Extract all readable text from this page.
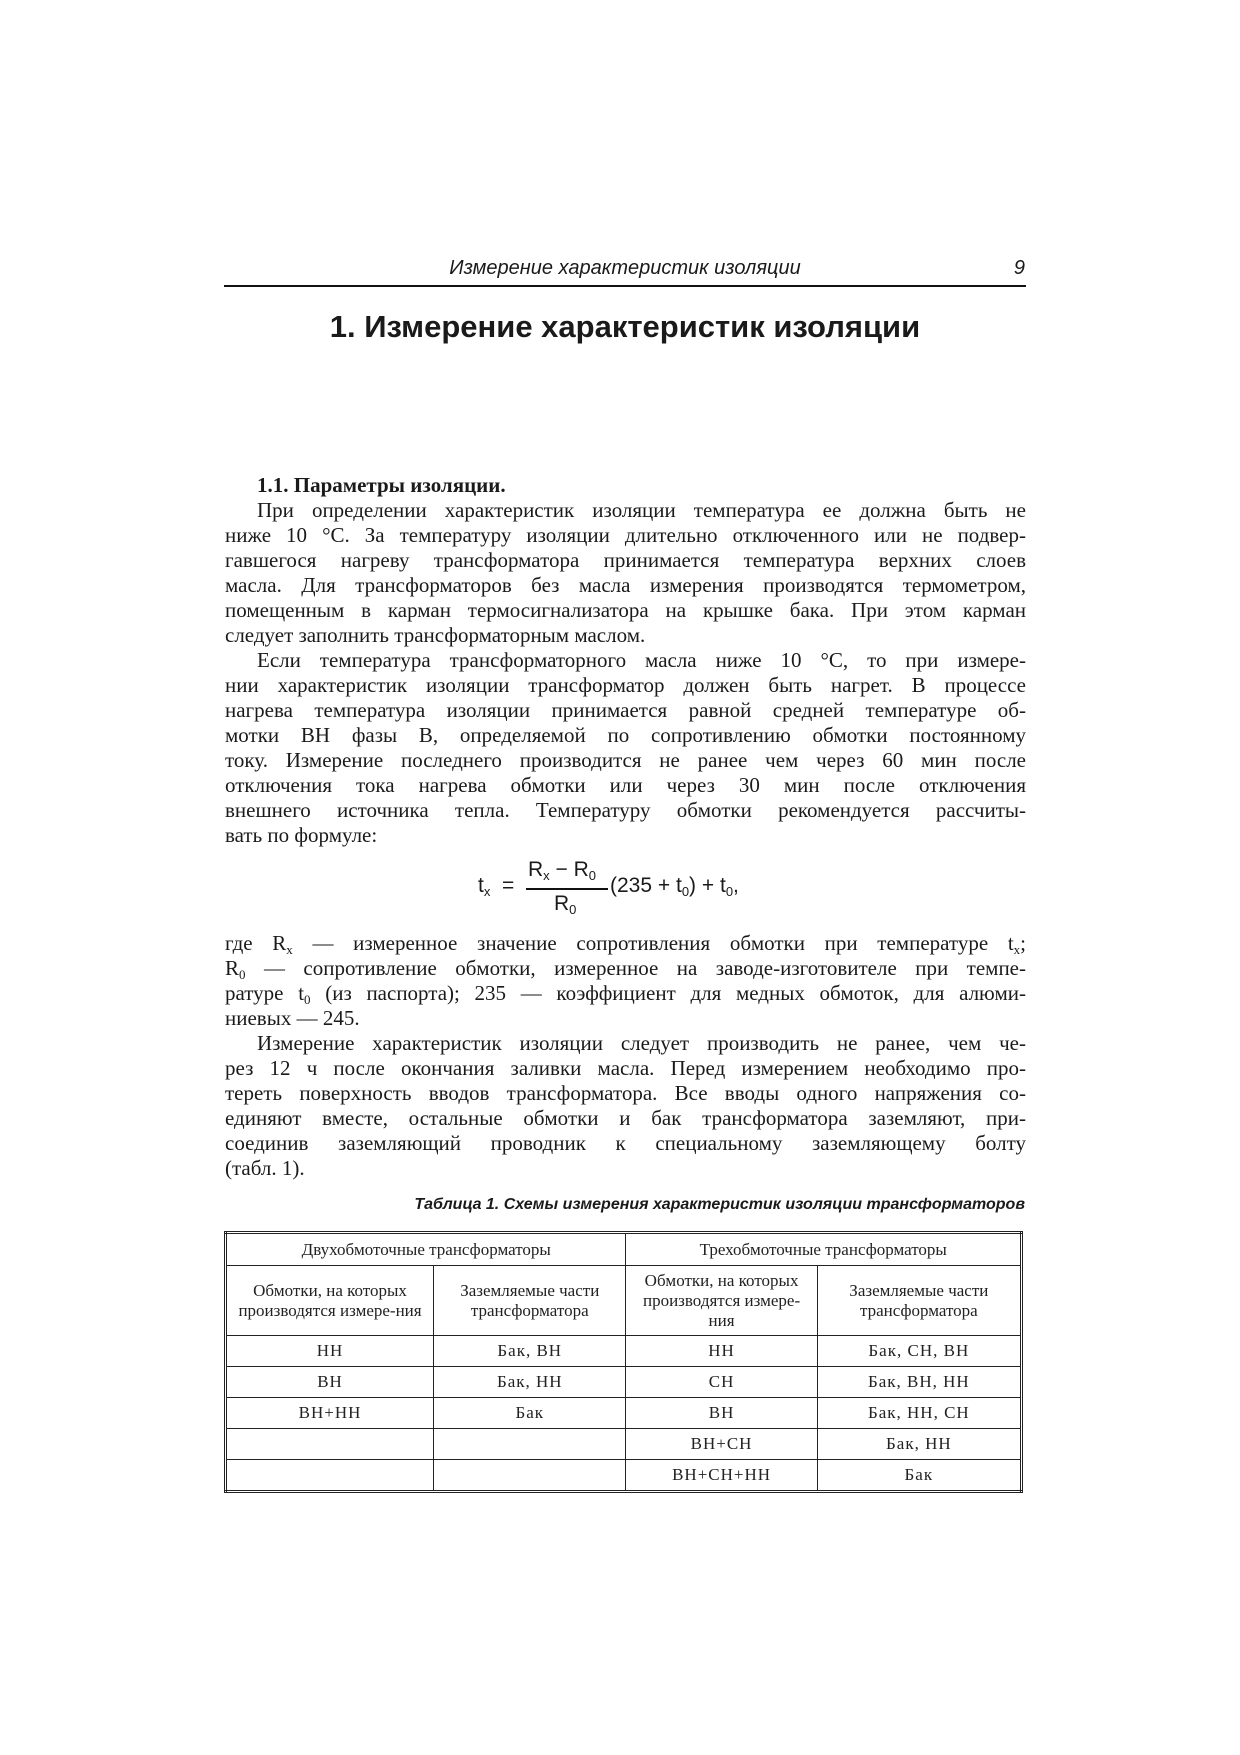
Измерение характеристик изоляции	9
1. Измерение характеристик изоляции
1.1. Параметры изоляции.
При определении характеристик изоляции температура ее должна быть не
ниже 10 °С. За температуру изоляции длительно отключенного или не подвер-
гавшегося нагреву трансформатора принимается температура верхних слоев
масла. Для трансформаторов без масла измерения производятся термометром,
помещенным в карман термосигнализатора на крышке бака. При этом карман
следует заполнить трансформаторным маслом.
Если температура трансформаторного масла ниже 10 °С, то при измере-
нии характеристик изоляции трансформатор должен быть нагрет. В процессе
нагрева температура изоляции принимается равной средней температуре об-
мотки ВН фазы В, определяемой по сопротивлению обмотки постоянному
току. Измерение последнего производится не ранее чем через 60 мин после
отключения тока нагрева обмотки или через 30 мин после отключения
внешнего источника тепла. Температуру обмотки рекомендуется рассчиты-
вать по формуле:
$t_x$ =
$R_x - R_0$
$R_0$
$(235 + t_0) + t_0$,
где $R_x$ — измеренное значение сопротивления обмотки при температуре $t_x$;
$R_0$ — сопротивление обмотки, измеренное на заводе-изготовителе при темпе-
ратуре $t_0$ (из паспорта); 235 — коэффициент для медных обмоток, для алюми-
ниевых — 245.
Измерение характеристик изоляции следует производить не ранее, чем че-
рез 12 ч после окончания заливки масла. Перед измерением необходимо про-
тереть поверхность вводов трансформатора. Все вводы одного напряжения со-
единяют вместе, остальные обмотки и бак трансформатора заземляют, при-
соединив заземляющий проводник к специальному заземляющему болту
(табл. 1).
Таблица 1. Схемы измерения характеристик изоляции трансформаторов
Двухобмоточные трансформаторы		Трехобмоточные трансформаторы	
Обмотки, на которых производятся измере-ния	Заземляемые части трансформатора	Обмотки, на которых производятся измере-ния	Заземляемые части трансформатора
НН	Бак, ВН	НН	Бак, СН, ВН
ВН	Бак, НН	СН	Бак, ВН, НН
ВН+НН	Бак	ВН	Бак, НН, СН
		ВН+СН	Бак, НН
		ВН+СН+НН	Бак
